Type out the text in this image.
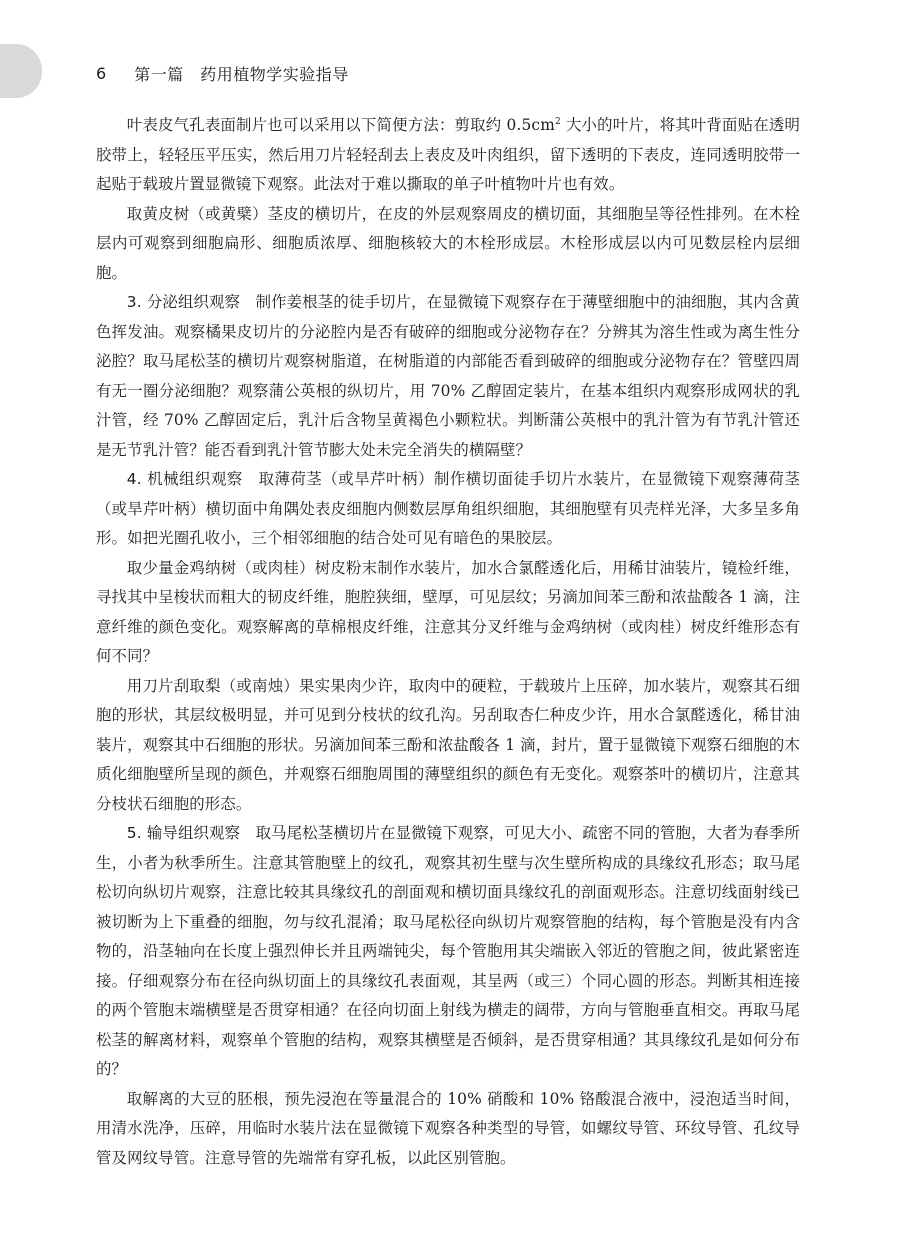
6 第一篇　药用植物学实验指导

叶表皮气孔表面制片也可以采用以下简便方法：剪取约 $0.5cm^2$ 大小的叶片，将其叶背面贴在透明胶带上，轻轻压平压实，然后用刀片轻轻刮去上表皮及叶肉组织，留下透明的下表皮，连同透明胶带一起贴于载玻片置显微镜下观察。此法对于难以撕取的单子叶植物叶片也有效。

取黄皮树（或黄檗）茎皮的横切片，在皮的外层观察周皮的横切面，其细胞呈等径性排列。在木栓层内可观察到细胞扁形、细胞质浓厚、细胞核较大的木栓形成层。木栓形成层以内可见数层栓内层细胞。

3. 分泌组织观察 制作姜根茎的徒手切片，在显微镜下观察存在于薄壁细胞中的油细胞，其内含黄色挥发油。观察橘果皮切片的分泌腔内是否有破碎的细胞或分泌物存在？分辨其为溶生性或为离生性分泌腔？取马尾松茎的横切片观察树脂道，在树脂道的内部能否看到破碎的细胞或分泌物存在？管壁四周有无一圈分泌细胞？观察蒲公英根的纵切片，用 70% 乙醇固定装片，在基本组织内观察形成网状的乳汁管，经 70% 乙醇固定后，乳汁后含物呈黄褐色小颗粒状。判断蒲公英根中的乳汁管为有节乳汁管还是无节乳汁管？能否看到乳汁管节膨大处未完全消失的横隔壁？

4. 机械组织观察 取薄荷茎（或旱芹叶柄）制作横切面徒手切片水装片，在显微镜下观察薄荷茎（或旱芹叶柄）横切面中角隅处表皮细胞内侧数层厚角组织细胞，其细胞壁有贝壳样光泽，大多呈多角形。如把光圈孔收小，三个相邻细胞的结合处可见有暗色的果胶层。

取少量金鸡纳树（或肉桂）树皮粉末制作水装片，加水合氯醛透化后，用稀甘油装片，镜检纤维，寻找其中呈梭状而粗大的韧皮纤维，胞腔狭细，壁厚，可见层纹；另滴加间苯三酚和浓盐酸各 1 滴，注意纤维的颜色变化。观察解离的草棉根皮纤维，注意其分叉纤维与金鸡纳树（或肉桂）树皮纤维形态有何不同？

用刀片刮取梨（或南烛）果实果肉少许，取肉中的硬粒，于载玻片上压碎，加水装片，观察其石细胞的形状，其层纹极明显，并可见到分枝状的纹孔沟。另刮取杏仁种皮少许，用水合氯醛透化，稀甘油装片，观察其中石细胞的形状。另滴加间苯三酚和浓盐酸各 1 滴，封片，置于显微镜下观察石细胞的木质化细胞壁所呈现的颜色，并观察石细胞周围的薄壁组织的颜色有无变化。观察茶叶的横切片，注意其分枝状石细胞的形态。

5. 输导组织观察 取马尾松茎横切片在显微镜下观察，可见大小、疏密不同的管胞，大者为春季所生，小者为秋季所生。注意其管胞壁上的纹孔，观察其初生壁与次生壁所构成的具缘纹孔形态；取马尾松切向纵切片观察，注意比较其具缘纹孔的剖面观和横切面具缘纹孔的剖面观形态。注意切线面射线已被切断为上下重叠的细胞，勿与纹孔混淆；取马尾松径向纵切片观察管胞的结构，每个管胞是没有内含物的，沿茎轴向在长度上强烈伸长并且两端钝尖，每个管胞用其尖端嵌入邻近的管胞之间，彼此紧密连接。仔细观察分布在径向纵切面上的具缘纹孔表面观，其呈两（或三）个同心圆的形态。判断其相连接的两个管胞末端横壁是否贯穿相通？在径向切面上射线为横走的阔带，方向与管胞垂直相交。再取马尾松茎的解离材料，观察单个管胞的结构，观察其横壁是否倾斜，是否贯穿相通？其具缘纹孔是如何分布的？

取解离的大豆的胚根，预先浸泡在等量混合的 10% 硝酸和 10% 铬酸混合液中，浸泡适当时间，用清水洗净，压碎，用临时水装片法在显微镜下观察各种类型的导管，如螺纹导管、环纹导管、孔纹导管及网纹导管。注意导管的先端常有穿孔板，以此区别管胞。
